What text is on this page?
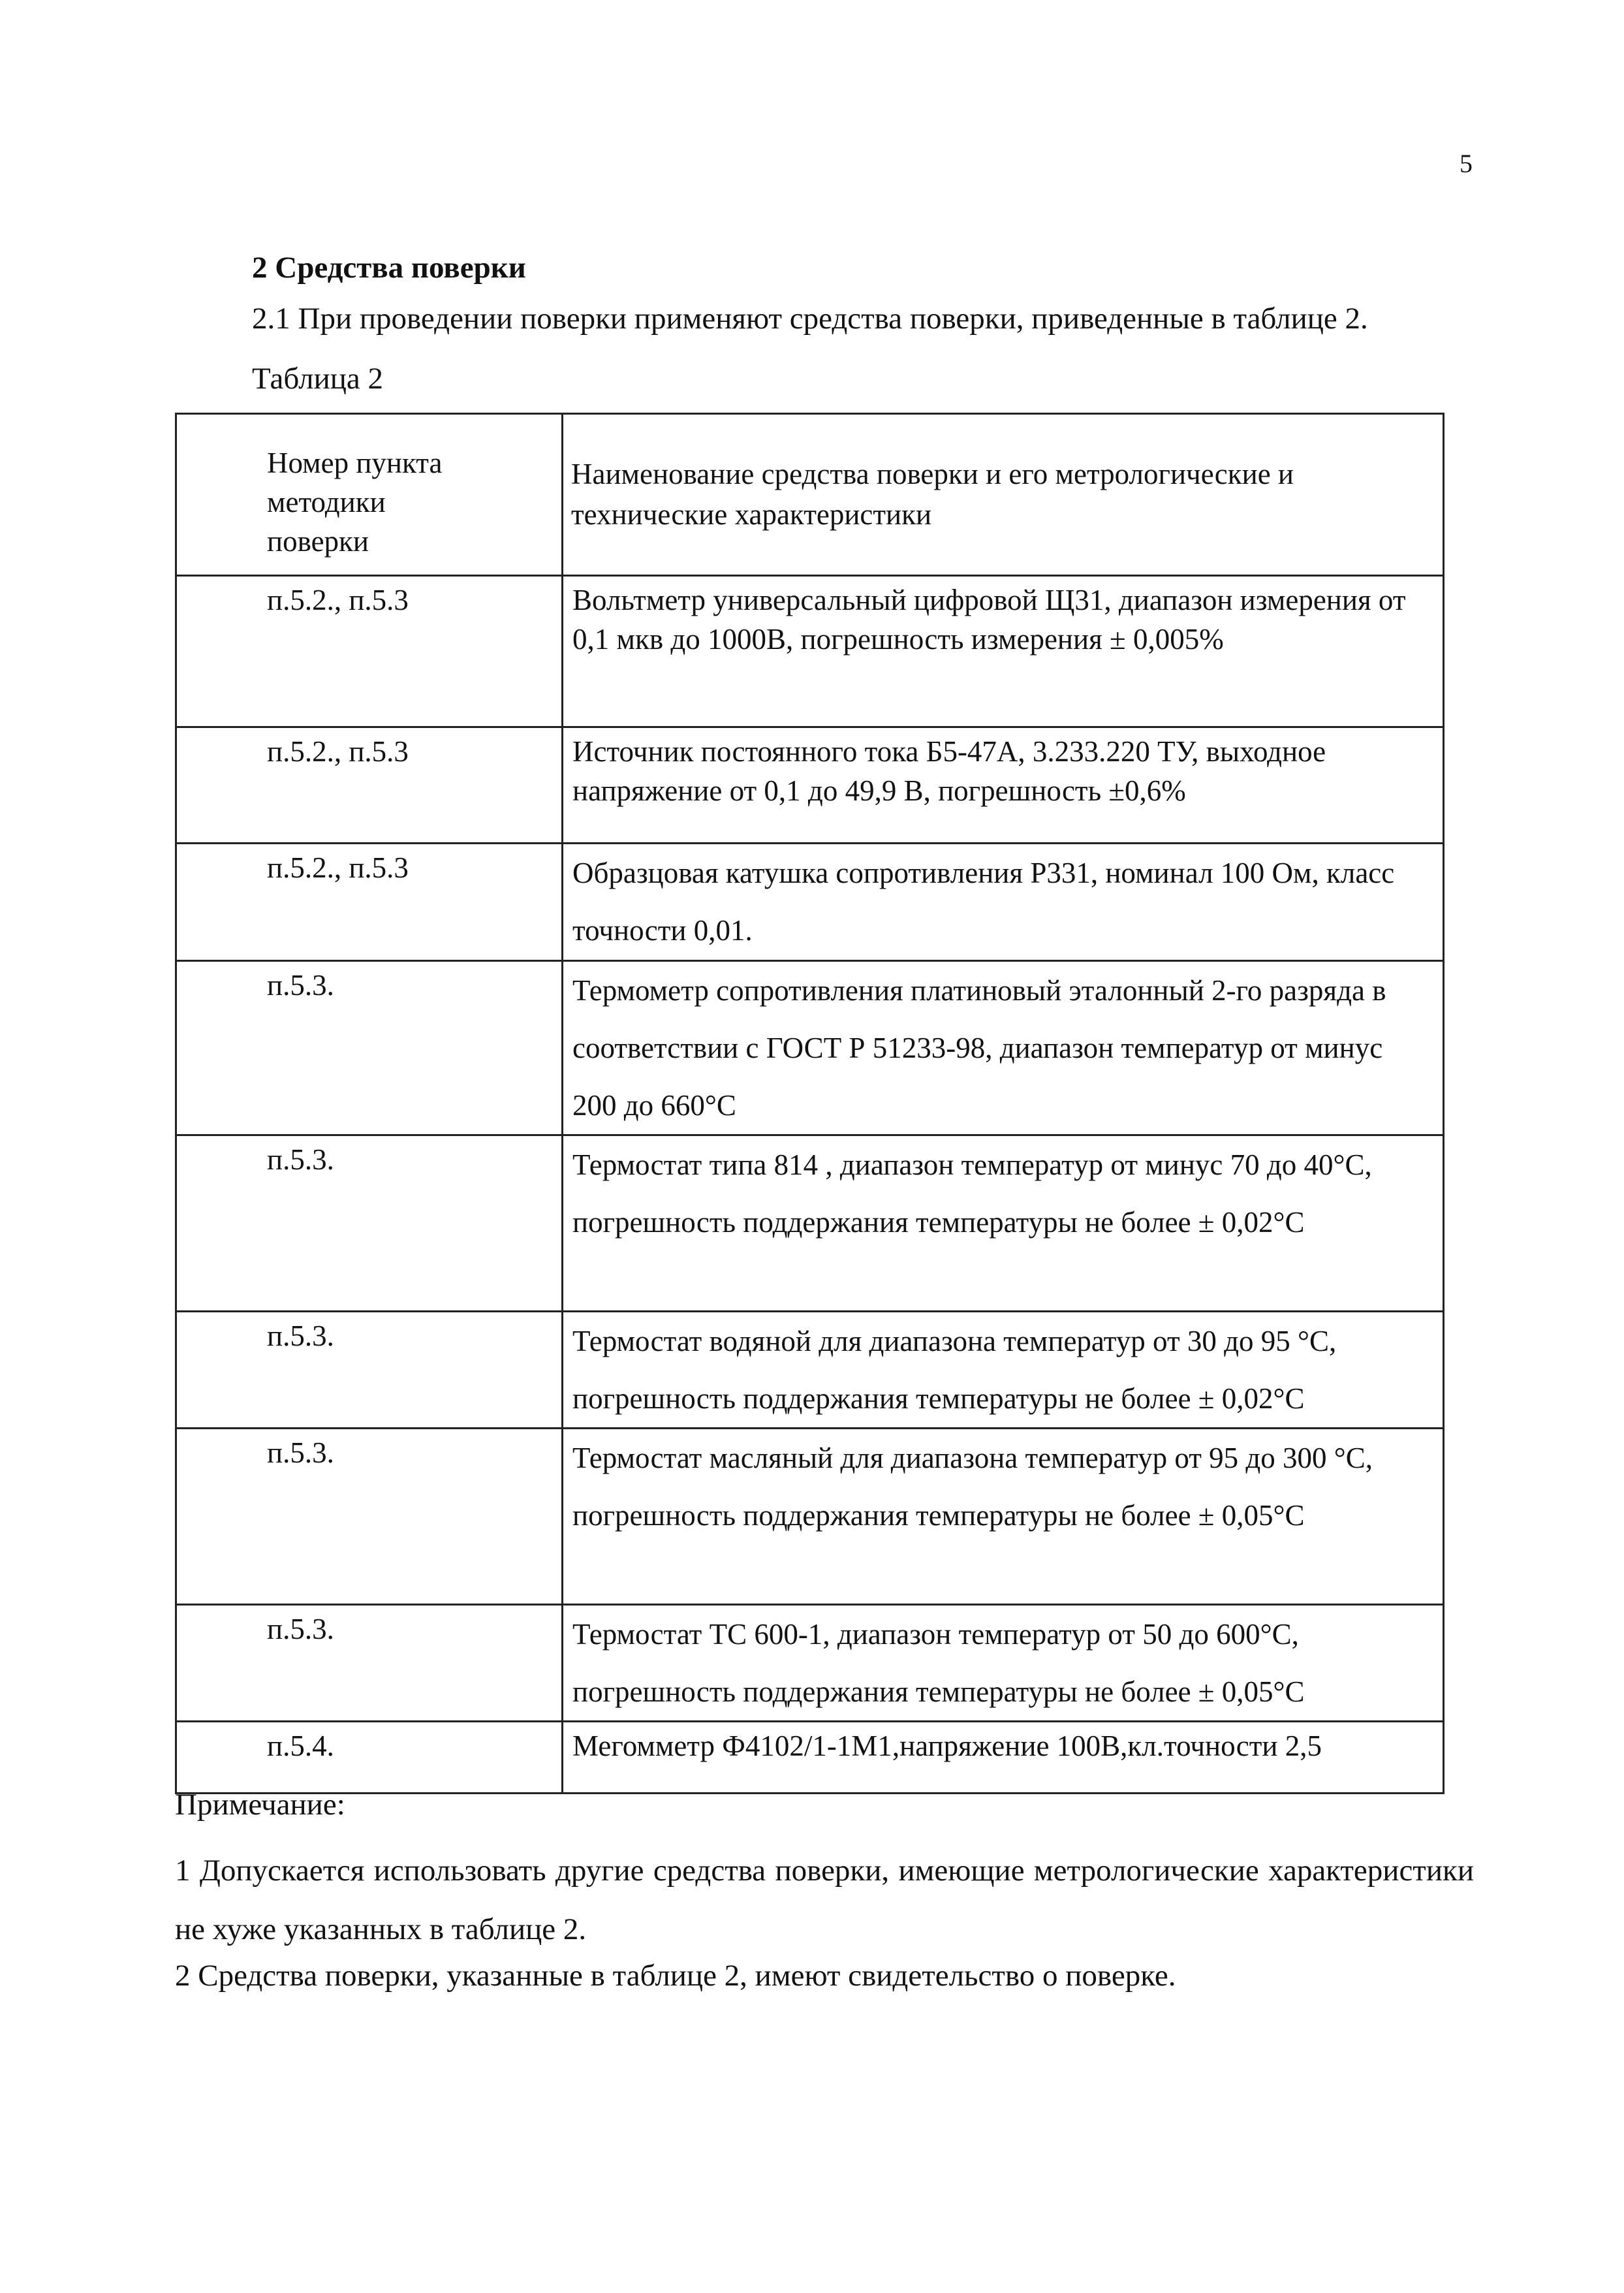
5
2 Средства поверки
2.1 При проведении поверки применяют средства поверки, приведенные в таблице 2.
Таблица 2
Номер пункта методики поверки	Наименование средства поверки и его метрологические и технические характеристики

п.5.2., п.5.3	Вольтметр универсальный цифровой Щ31, диапазон измерения от 0,1 мкв до 1000В, погрешность измерения ± 0,005%

п.5.2., п.5.3	Источник постоянного тока Б5-47А, 3.233.220 ТУ, выходное напряжение от 0,1 до 49,9 В, погрешность ±0,6%

п.5.2., п.5.3	Образцовая катушка сопротивления Р331, номинал 100 Ом, класс точности 0,01.

п.5.3.	Термометр сопротивления платиновый эталонный 2-го разряда в соответствии с ГОСТ Р 51233-98, диапазон температур от минус 200 до 660°С

п.5.3.	Термостат типа 814 , диапазон температур от минус 70 до 40°С, погрешность поддержания температуры не более ± 0,02°С

п.5.3.	Термостат водяной для диапазона температур от 30 до 95 °С, погрешность поддержания температуры не более ± 0,02°С

п.5.3.	Термостат масляный для диапазона температур от 95 до 300 °С, погрешность поддержания температуры не более ± 0,05°С

п.5.3.	Термостат ТС 600-1, диапазон температур от 50 до 600°С, погрешность поддержания температуры не более ± 0,05°С

п.5.4.	Мегомметр Ф4102/1-1М1,напряжение 100В,кл.точности 2,5
Примечание:
1 Допускается использовать другие средства поверки, имеющие метрологические характеристики не хуже указанных в таблице 2.
2 Средства поверки, указанные в таблице 2, имеют свидетельство о поверке.
